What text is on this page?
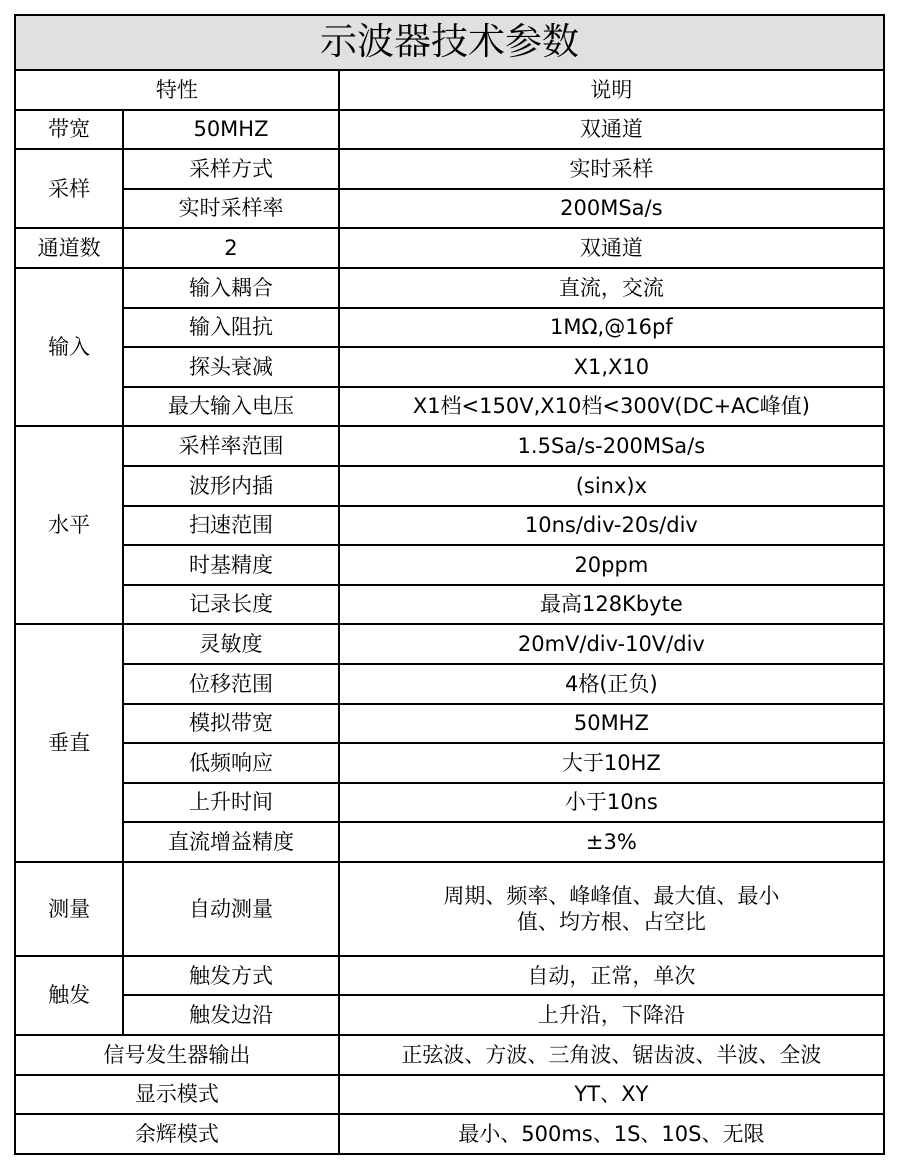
示波器技术参数		
特性		说明
带宽	50MHZ	双通道
采样	采样方式	实时采样
	实时采样率	200MSa/s
通道数	2	双通道
输入	输入耦合	直流，交流
	输入阻抗	1MΩ,@16pf
	探头衰减	X1,X10
	最大输入电压	X1档<150V,X10档<300V(DC+AC峰值)
水平	采样率范围	1.5Sa/s-200MSa/s
	波形内插	(sinx)x
	扫速范围	10ns/div-20s/div
	时基精度	20ppm
	记录长度	最高128Kbyte
垂直	灵敏度	20mV/div-10V/div
	位移范围	4格(正负)
	模拟带宽	50MHZ
	低频响应	大于10HZ
	上升时间	小于10ns
	直流增益精度	±3%
测量	自动测量	周期、频率、峰峰值、最大值、最小
值、均方根、占空比

触发	触发方式	自动，正常，单次
	触发边沿	上升沿，下降沿
信号发生器输出		正弦波、方波、三角波、锯齿波、半波、全波
显示模式		YT、XY
余辉模式		最小、500ms、1S、10S、无限
